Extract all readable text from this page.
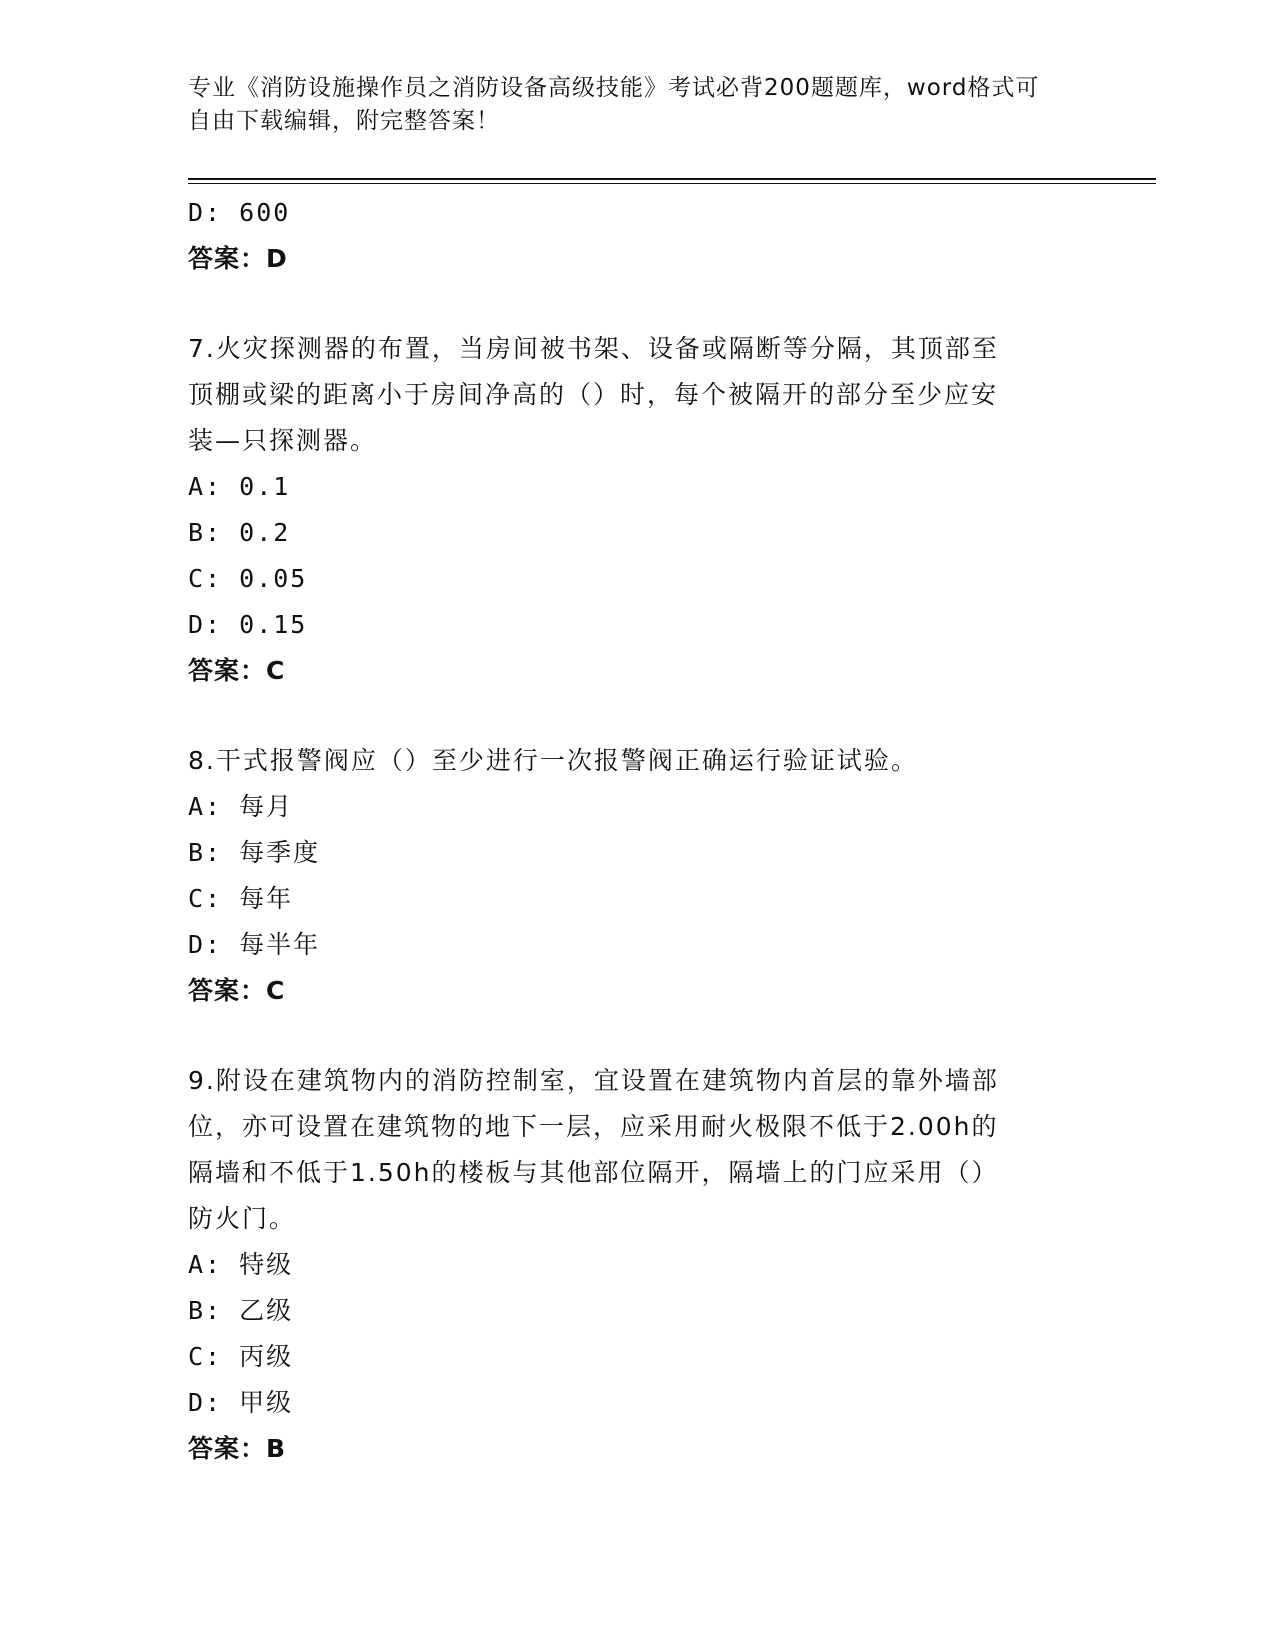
专业《消防设施操作员之消防设备高级技能》考试必背200题题库，word格式可
自由下载编辑，附完整答案！
D: 600
答案：D
7.火灾探测器的布置，当房间被书架、设备或隔断等分隔，其顶部至
顶棚或梁的距离小于房间净高的（）时，每个被隔开的部分至少应安
装—只探测器。
A: 0.1
B: 0.2
C: 0.05
D: 0.15
答案：C
8.干式报警阀应（）至少进行一次报警阀正确运行验证试验。
A: 每月
B: 每季度
C: 每年
D: 每半年
答案：C
9.附设在建筑物内的消防控制室，宜设置在建筑物内首层的靠外墙部
位，亦可设置在建筑物的地下一层，应采用耐火极限不低于2.00h的
隔墙和不低于1.50h的楼板与其他部位隔开，隔墙上的门应采用（）
防火门。
A: 特级
B: 乙级
C: 丙级
D: 甲级
答案：B
